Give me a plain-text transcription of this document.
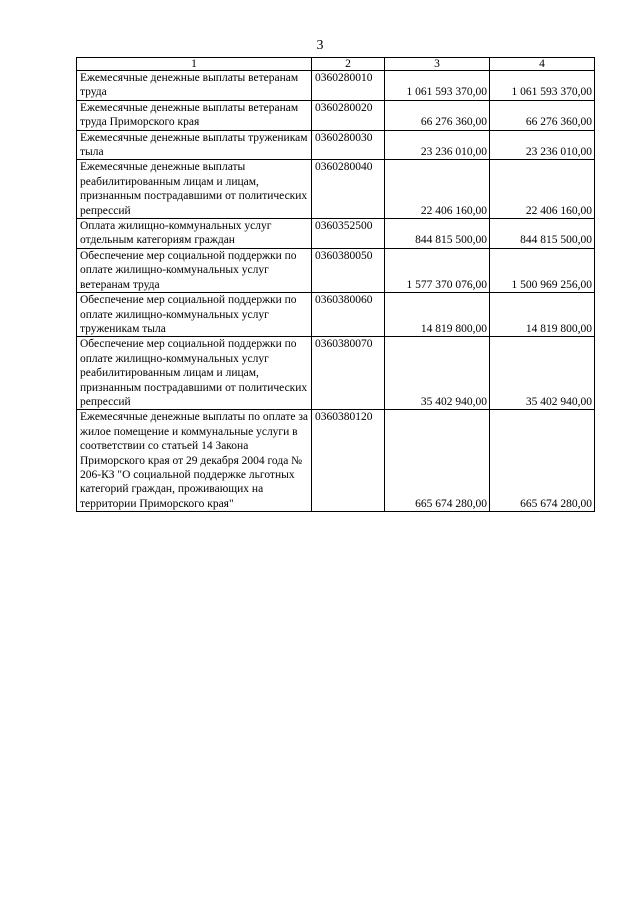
3
1	2	3	4
Ежемесячные денежные выплаты ветеранам труда	0360280010	1 061 593 370,00	1 061 593 370,00
Ежемесячные денежные выплаты ветеранам труда Приморского края	0360280020	66 276 360,00	66 276 360,00
Ежемесячные денежные выплаты труженикам тыла	0360280030	23 236 010,00	23 236 010,00
Ежемесячные денежные выплаты реабилитированным лицам и лицам, признанным пострадавшими от политических репрессий	0360280040	22 406 160,00	22 406 160,00
Оплата жилищно-коммунальных услуг отдельным категориям граждан	0360352500	844 815 500,00	844 815 500,00
Обеспечение мер социальной поддержки по оплате жилищно-коммунальных услуг ветеранам труда	0360380050	1 577 370 076,00	1 500 969 256,00
Обеспечение мер социальной поддержки по оплате жилищно-коммунальных услуг труженикам тыла	0360380060	14 819 800,00	14 819 800,00
Обеспечение мер социальной поддержки по оплате жилищно-коммунальных услуг реабилитированным лицам и лицам, признанным пострадавшими от политических репрессий	0360380070	35 402 940,00	35 402 940,00
Ежемесячные денежные выплаты по оплате за жилое помещение и коммунальные услуги в соответствии со статьей 14 Закона Приморского края от 29 декабря 2004 года № 206-КЗ "О социальной поддержке льготных категорий граждан, проживающих на территории Приморского края"	0360380120	665 674 280,00	665 674 280,00
